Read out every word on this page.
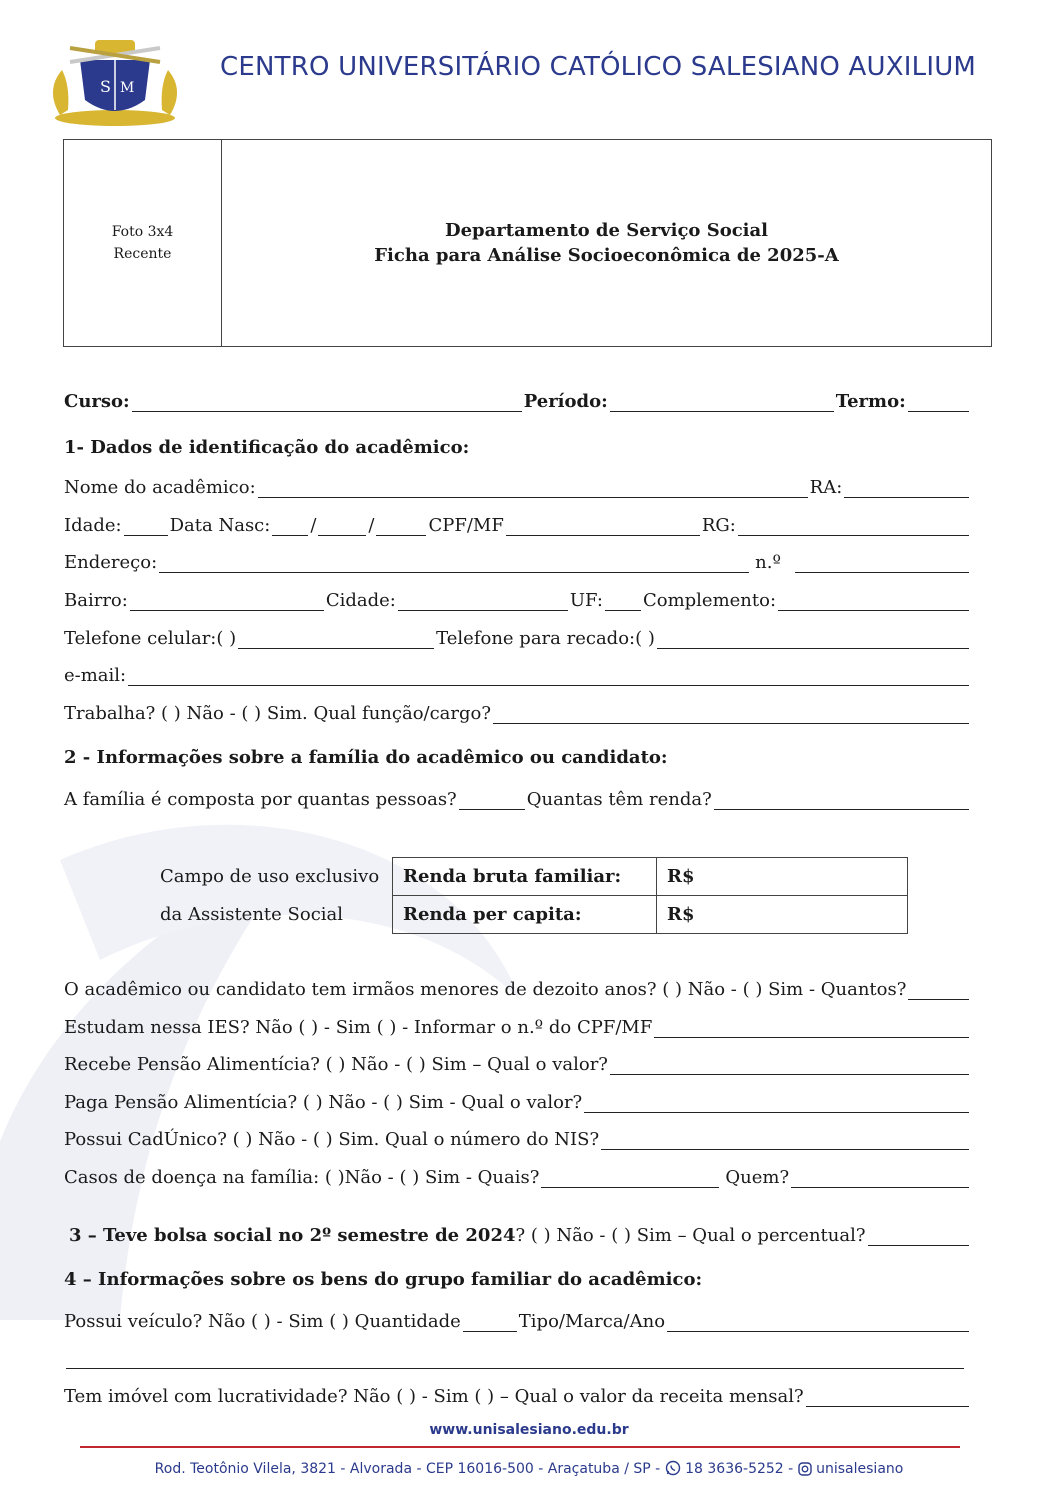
S M
CENTRO UNIVERSITÁRIO CATÓLICO SALESIANO AUXILIUM
Foto 3x4
Recente
Departamento de Serviço Social
Ficha para Análise Socioeconômica de 2025-A
Curso:	Período:	Termo:
1- Dados de identificação do acadêmico:
Nome do acadêmico:	RA:
Idade:	Data Nasc: /	/	CPF/MF	RG:
Endereço:	n.º
Bairro:	Cidade:	UF: Complemento:
Telefone celular:( )	Telefone para recado:( )
e-mail:
Trabalha? ( ) Não - ( ) Sim. Qual função/cargo?
2 - Informações sobre a família do acadêmico ou candidato:
A família é composta por quantas pessoas?	Quantas têm renda?
Campo de uso exclusivo
da Assistente Social
Renda bruta familiar:	R$
Renda per capita:	R$
O acadêmico ou candidato tem irmãos menores de dezoito anos? ( ) Não - ( ) Sim - Quantos?
Estudam nessa IES? Não ( ) - Sim ( ) - Informar o n.º do CPF/MF
Recebe Pensão Alimentícia? ( ) Não - ( ) Sim – Qual o valor?
Paga Pensão Alimentícia? ( ) Não - ( ) Sim - Qual o valor?
Possui CadÚnico? ( ) Não - ( ) Sim. Qual o número do NIS?
Casos de doença na família: ( )Não - ( ) Sim - Quais?	Quem?
3 – Teve bolsa social no 2º semestre de 2024 ? ( ) Não - ( ) Sim – Qual o percentual?
4 – Informações sobre os bens do grupo familiar do acadêmico:
Possui veículo? Não ( ) - Sim ( ) Quantidade	Tipo/Marca/Ano
Tem imóvel com lucratividade? Não ( ) - Sim ( ) – Qual o valor da receita mensal?
www.unisalesiano.edu.br
Rod. Teotônio Vilela, 3821 - Alvorada - CEP 16016-500 - Araçatuba / SP - 18 3636-5252 -  unisalesiano
